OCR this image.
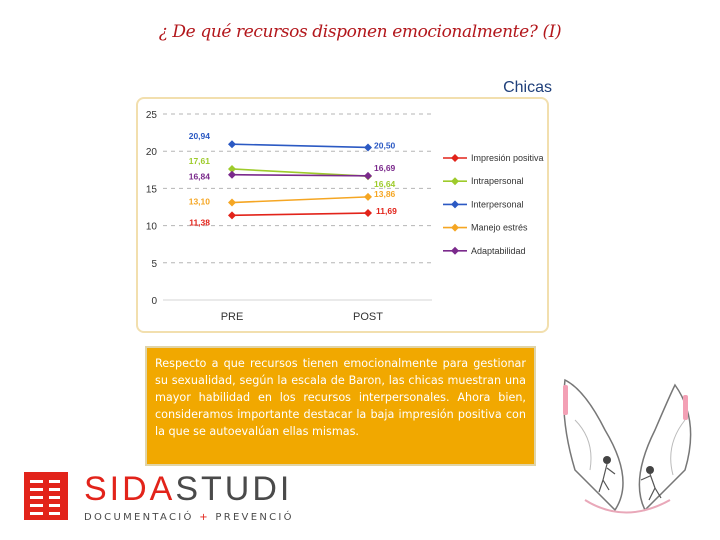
¿ De qué recursos disponen emocionalmente? (I)
Chicas
25
20
15
10
5
0
PRE	POST
11,38
11,69
17,61
16,64
20,94
20,50
13,10
13,86
16,84
16,69
Impresión positiva
Intrapersonal
Interpersonal
Manejo estrés
Adaptabilidad

Respecto a que recursos tienen emocionalmente para gestionar su sexualidad, según la escala de Baron, las chicas muestran una mayor habilidad en los recursos interpersonales. Ahora bien, consideramos importante destacar la baja impresión positiva con la que se autoevalúan ellas mismas.

SIDASTUDI
DOCUMENTACIÓ + PREVENCIÓ
